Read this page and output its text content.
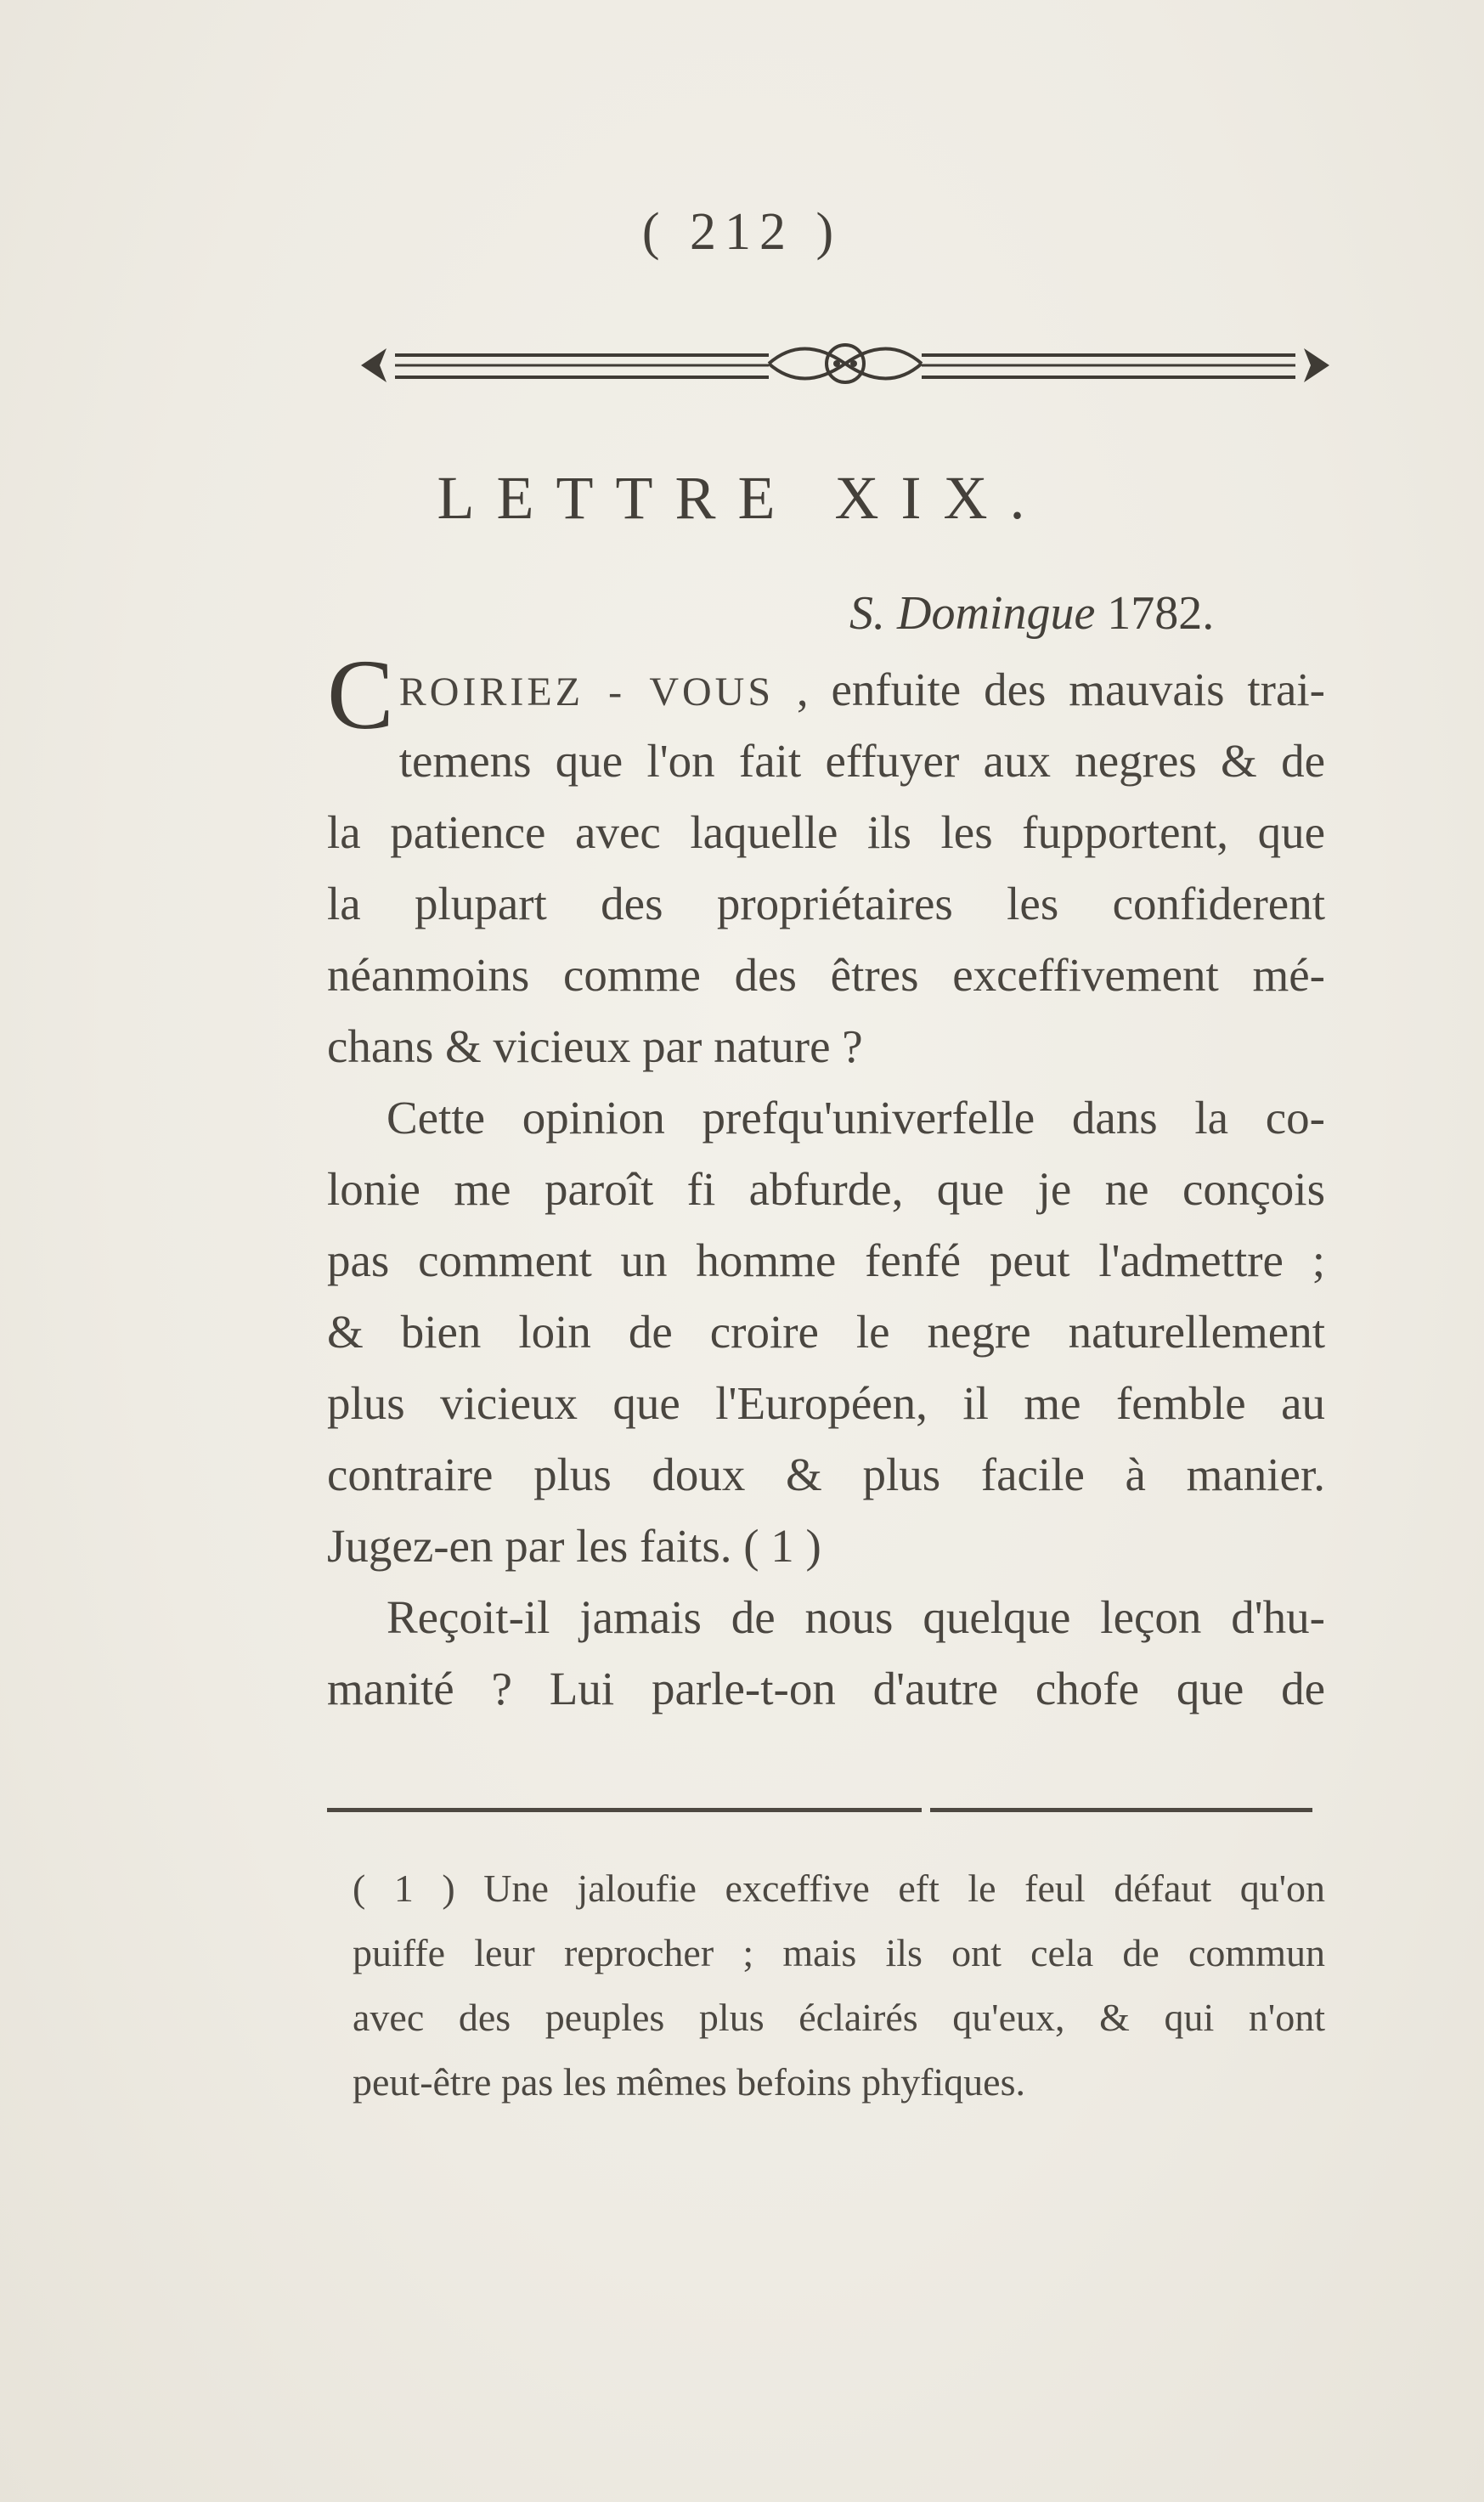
( 212 )
LETTRE XIX.
S. Domingue 1782.
CROIRIEZ - VOUS , enfuite des mauvais trai-
temens que l'on fait effuyer aux negres & de
la patience avec laquelle ils les fupportent, que
la plupart des propriétaires les confiderent
néanmoins comme des êtres exceffivement mé-
chans & vicieux par nature ?
Cette opinion prefqu'univerfelle dans la co-
lonie me paroît fi abfurde, que je ne conçois
pas comment un homme fenfé peut l'admettre ;
& bien loin de croire le negre naturellement
plus vicieux que l'Européen, il me femble au
contraire plus doux & plus facile à manier.
Jugez-en par les faits. ( 1 )
Reçoit-il jamais de nous quelque leçon d'hu-
manité ? Lui parle-t-on d'autre chofe que de
( 1 ) Une jaloufie exceffive eft le feul défaut qu'on
puiffe leur reprocher ; mais ils ont cela de commun
avec des peuples plus éclairés qu'eux, & qui n'ont
peut-être pas les mêmes befoins phyfiques.
